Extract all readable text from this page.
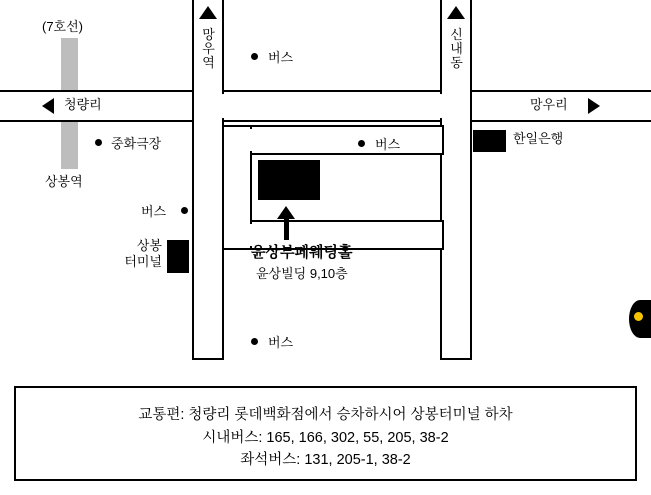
(7호선)
망
우
역
신
내
동
버스
청량리	망우리
중화극장	한일은행
버스
상봉역
버스
상봉
터미널
윤상부페웨딩홀
윤상빌딩 9,10층
버스
교통편: 청량리 롯데백화점에서 승차하시어 상봉터미널 하차
시내버스: 165, 166, 302, 55, 205, 38-2
좌석버스: 131, 205-1, 38-2
